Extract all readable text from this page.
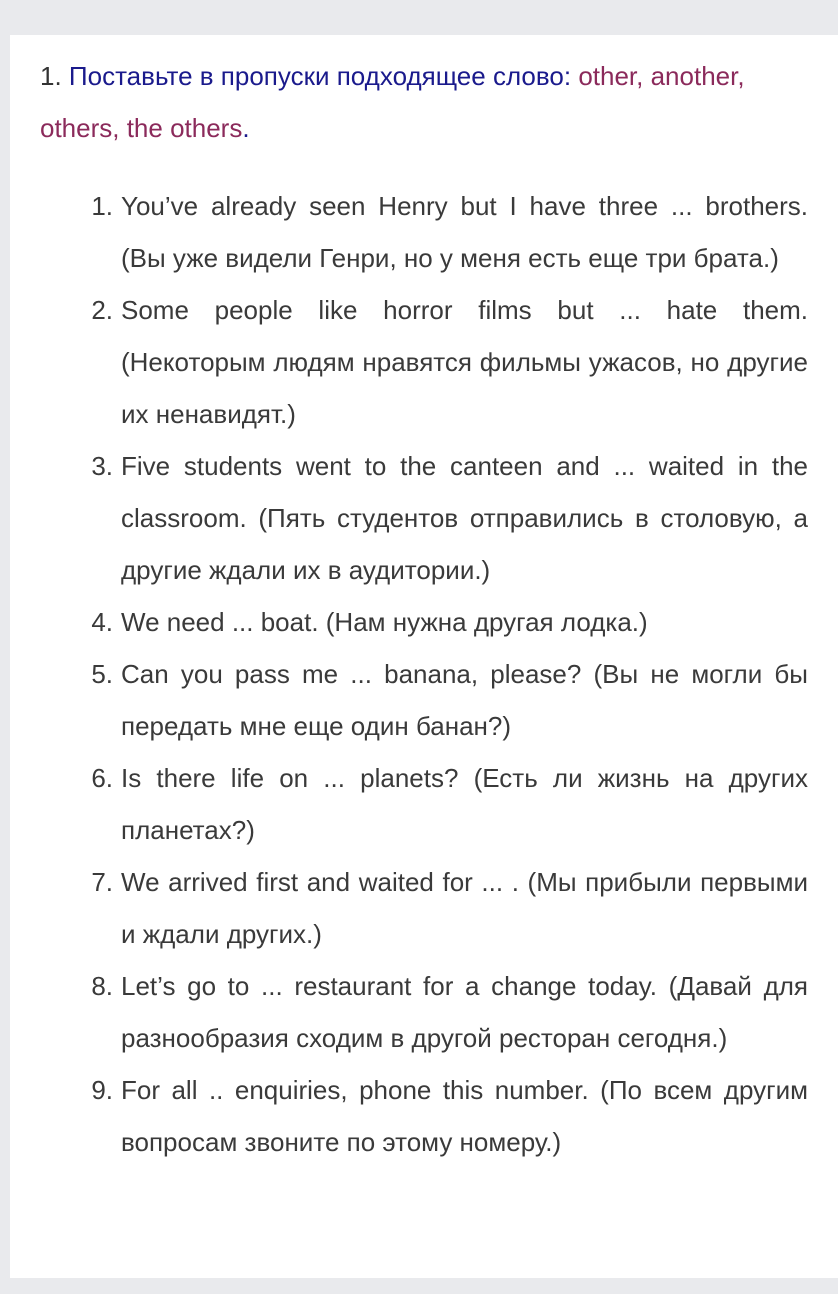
1. Поставьте в пропуски подходящее слово: other, another, others, the others.
1. You’ve already seen Henry but I have three ... brothers. (Вы уже видели Генри, но у меня есть еще три брата.)
2. Some people like horror films but ... hate them. (Некоторым людям нравятся фильмы ужасов, но другие их ненавидят.)
3. Five students went to the canteen and ... waited in the classroom. (Пять студентов отправились в столовую, а другие ждали их в аудитории.)
4. We need ... boat. (Нам нужна другая лодка.)
5. Can you pass me ... banana, please? (Вы не могли бы передать мне еще один банан?)
6. Is there life on ... planets? (Есть ли жизнь на других планетах?)
7. We arrived first and waited for ... . (Мы прибыли первыми и ждали других.)
8. Let’s go to ... restaurant for a change today. (Давай для разнообразия сходим в другой ресторан сегодня.)
9. For all .. enquiries, phone this number. (По всем другим вопросам звоните по этому номеру.)
